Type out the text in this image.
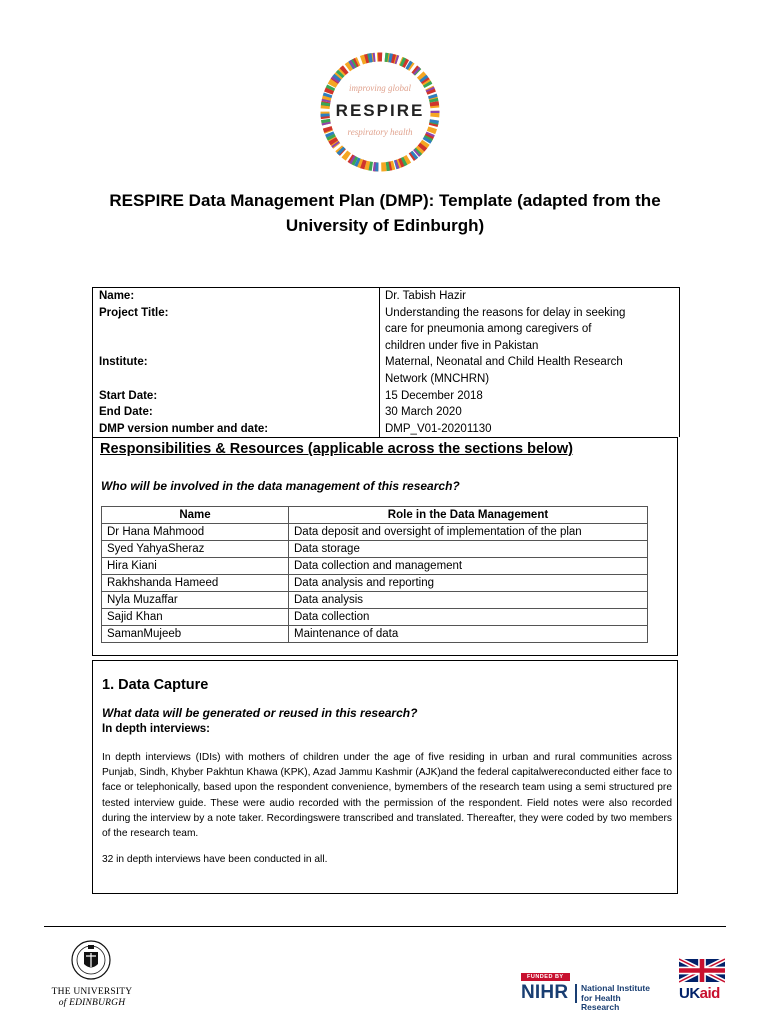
improving global
RESPIRE
respiratory health
RESPIRE Data Management Plan (DMP): Template (adapted from the University of Edinburgh)
Name:	Dr. Tabish Hazir
Project Title:	Understanding the reasons for delay in seeking
care for pneumonia among caregivers of
children under five in Pakistan
Institute:	Maternal, Neonatal and Child Health Research
Network (MNCHRN)
Start Date:	15 December 2018
End Date:	30 March 2020
DMP version number and date:	DMP_V01-20201130
Responsibilities & Resources (applicable across the sections below)
Who will be involved in the data management of this research?
Name	Role in the Data Management
Dr Hana Mahmood	Data deposit and oversight of implementation of the plan
Syed YahyaSheraz	Data storage
Hira Kiani	Data collection and management
Rakhshanda Hameed	Data analysis and reporting
Nyla Muzaffar	Data analysis
Sajid Khan	Data collection
SamanMujeeb	Maintenance of data
1. Data Capture
What data will be generated or reused in this research?
In depth interviews:

In depth interviews (IDIs) with mothers of children under the age of five residing in urban and rural communities across Punjab, Sindh, Khyber Pakhtun Khawa (KPK), Azad Jammu Kashmir (AJK)and the federal capitalwereconducted either face to face or telephonically, based upon the respondent convenience, bymembers of the research team using a semi structured pre tested interview guide. These were audio recorded with the permission of the respondent. Field notes were also recorded during the interview by a note taker. Recordingswere transcribed and translated. Thereafter, they were coded by two members of the research team.

32 in depth interviews have been conducted in all.

THE UNIVERSITY
of EDINBURGH
FUNDED BY
NIHR National Institute
for Health Research
UKaid
